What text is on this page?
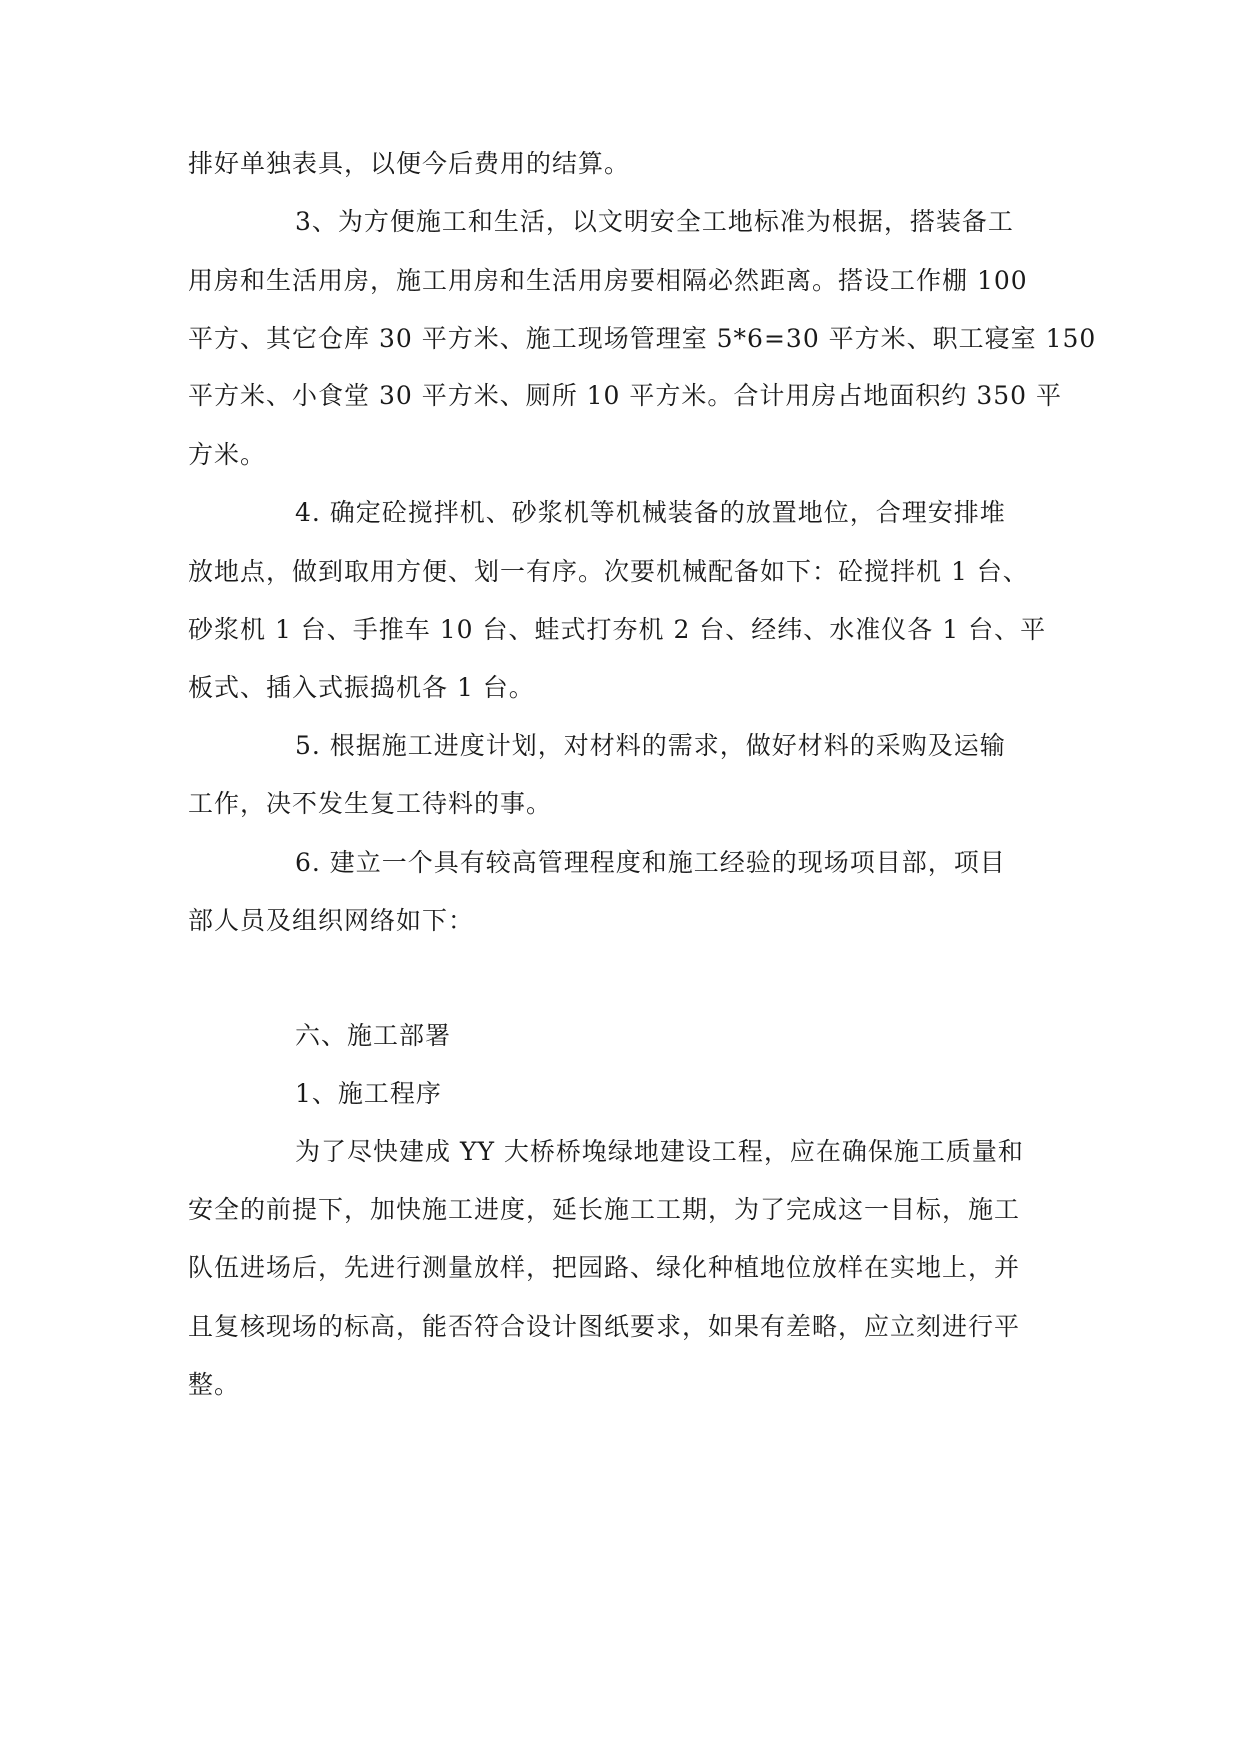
排好单独表具，以便今后费用的结算。
3、为方便施工和生活，以文明安全工地标准为根据，搭装备工
用房和生活用房，施工用房和生活用房要相隔必然距离。搭设工作棚 100
平方、其它仓库 30 平方米、施工现场管理室 5*6=30 平方米、职工寝室 150
平方米、小食堂 30 平方米、厕所 10 平方米。合计用房占地面积约 350 平
方米。
4. 确定砼搅拌机、砂浆机等机械装备的放置地位，合理安排堆
放地点，做到取用方便、划一有序。次要机械配备如下：砼搅拌机 1 台、
砂浆机 1 台、手推车 10 台、蛙式打夯机 2 台、经纬、水准仪各 1 台、平
板式、插入式振捣机各 1 台。
5. 根据施工进度计划，对材料的需求，做好材料的采购及运输
工作，决不发生复工待料的事。
6. 建立一个具有较高管理程度和施工经验的现场项目部，项目
部人员及组织网络如下：
六、施工部署
1、施工程序
为了尽快建成 YY 大桥桥堍绿地建设工程，应在确保施工质量和
安全的前提下，加快施工进度，延长施工工期，为了完成这一目标，施工
队伍进场后，先进行测量放样，把园路、绿化种植地位放样在实地上，并
且复核现场的标高，能否符合设计图纸要求，如果有差略，应立刻进行平
整。
